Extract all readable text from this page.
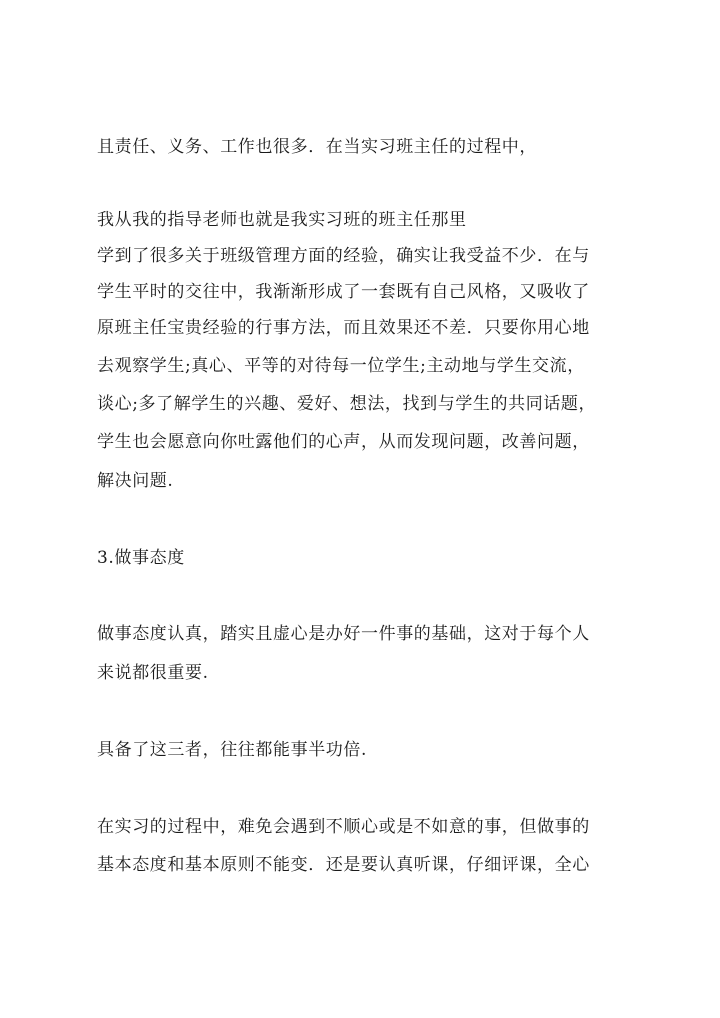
且责任、义务、工作也很多．在当实习班主任的过程中，
我从我的指导老师也就是我实习班的班主任那里
学到了很多关于班级管理方面的经验，确实让我受益不少．在与
学生平时的交往中，我渐渐形成了一套既有自己风格，又吸收了
原班主任宝贵经验的行事方法，而且效果还不差．只要你用心地
去观察学生;真心、平等的对待每一位学生;主动地与学生交流，
谈心;多了解学生的兴趣、爱好、想法，找到与学生的共同话题，
学生也会愿意向你吐露他们的心声，从而发现问题，改善问题，
解决问题.
3.做事态度
做事态度认真，踏实且虚心是办好一件事的基础，这对于每个人
来说都很重要.
具备了这三者，往往都能事半功倍.
在实习的过程中，难免会遇到不顺心或是不如意的事，但做事的
基本态度和基本原则不能变．还是要认真听课，仔细评课，全心
